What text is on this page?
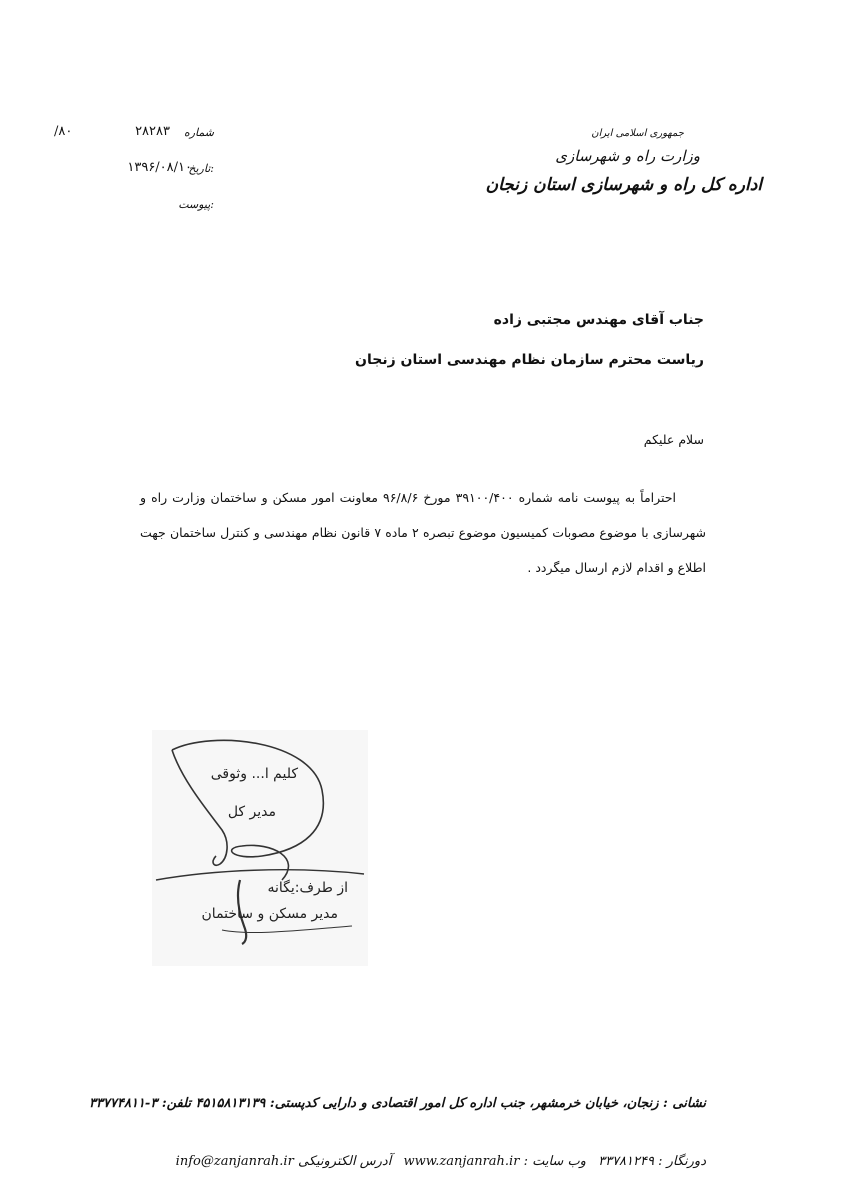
جمهوری اسلامی ایران
وزارت راه و شهرسازی
اداره کل راه و شهرسازی استان زنجان
شماره
۲۸۲۸۳
/۸۰
تاریخ:
۱۳۹۶/۰۸/۱۰
پیوست:
جناب آقای مهندس مجتبی زاده
ریاست محترم سازمان نظام مهندسی استان زنجان
سلام علیکم

احتراماً به پیوست نامه شماره ۳۹۱۰۰/۴۰۰ مورخ ۹۶/۸/۶ معاونت امور مسکن و ساختمان وزارت راه و شهرسازی با موضوع مصوبات کمیسیون موضوع تبصره ۲ ماده ۷ قانون نظام مهندسی و کنترل ساختمان جهت اطلاع و اقدام لازم ارسال میگردد .

کلیم ا... وثوقی
مدیر کل
از طرف:یگانه
مدیر مسکن و ساختمان
نشانی : زنجان، خیابان خرمشهر، جنب اداره کل امور اقتصادی و دارایی کدپستی: ۴۵۱۵۸۱۳۱۳۹ تلفن: ۳-۳۳۷۷۴۸۱۱
دورنگار : ۳۳۷۸۱۲۴۹ وب سایت : www.zanjanrah.ir آدرس الکترونیکی info@zanjanrah.ir
